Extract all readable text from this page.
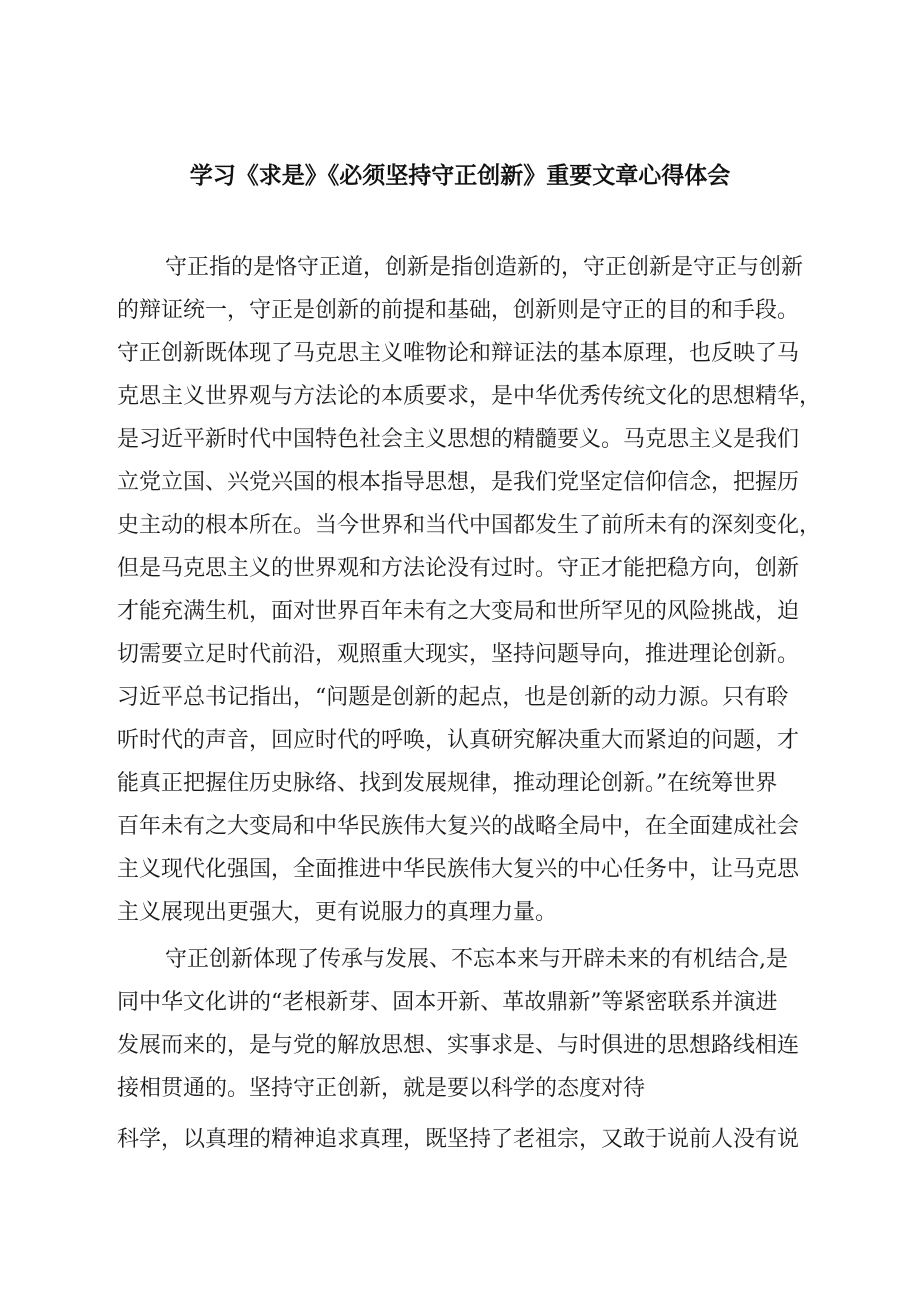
学习《求是》《必须坚持守正创新》重要文章心得体会
守正指的是恪守正道，创新是指创造新的，守正创新是守正与创新
的辩证统一，守正是创新的前提和基础，创新则是守正的目的和手段。
守正创新既体现了马克思主义唯物论和辩证法的基本原理，也反映了马
克思主义世界观与方法论的本质要求，是中华优秀传统文化的思想精华，
是习近平新时代中国特色社会主义思想的精髓要义。马克思主义是我们
立党立国、兴党兴国的根本指导思想，是我们党坚定信仰信念，把握历
史主动的根本所在。当今世界和当代中国都发生了前所未有的深刻变化，
但是马克思主义的世界观和方法论没有过时。守正才能把稳方向，创新
才能充满生机，面对世界百年未有之大变局和世所罕见的风险挑战，迫
切需要立足时代前沿，观照重大现实，坚持问题导向，推进理论创新。
习近平总书记指出，“问题是创新的起点，也是创新的动力源。只有聆
听时代的声音，回应时代的呼唤，认真研究解决重大而紧迫的问题，才
能真正把握住历史脉络、找到发展规律，推动理论创新。”在统筹世界
百年未有之大变局和中华民族伟大复兴的战略全局中，在全面建成社会
主义现代化强国，全面推进中华民族伟大复兴的中心任务中，让马克思
主义展现出更强大，更有说服力的真理力量。
守正创新体现了传承与发展、不忘本来与开辟未来的有机结合,是
同中华文化讲的“老根新芽、固本开新、革故鼎新”等紧密联系并演进
发展而来的，是与党的解放思想、实事求是、与时俱进的思想路线相连
接相贯通的。坚持守正创新，就是要以科学的态度对待
科学，以真理的精神追求真理，既坚持了老祖宗，又敢于说前人没有说
